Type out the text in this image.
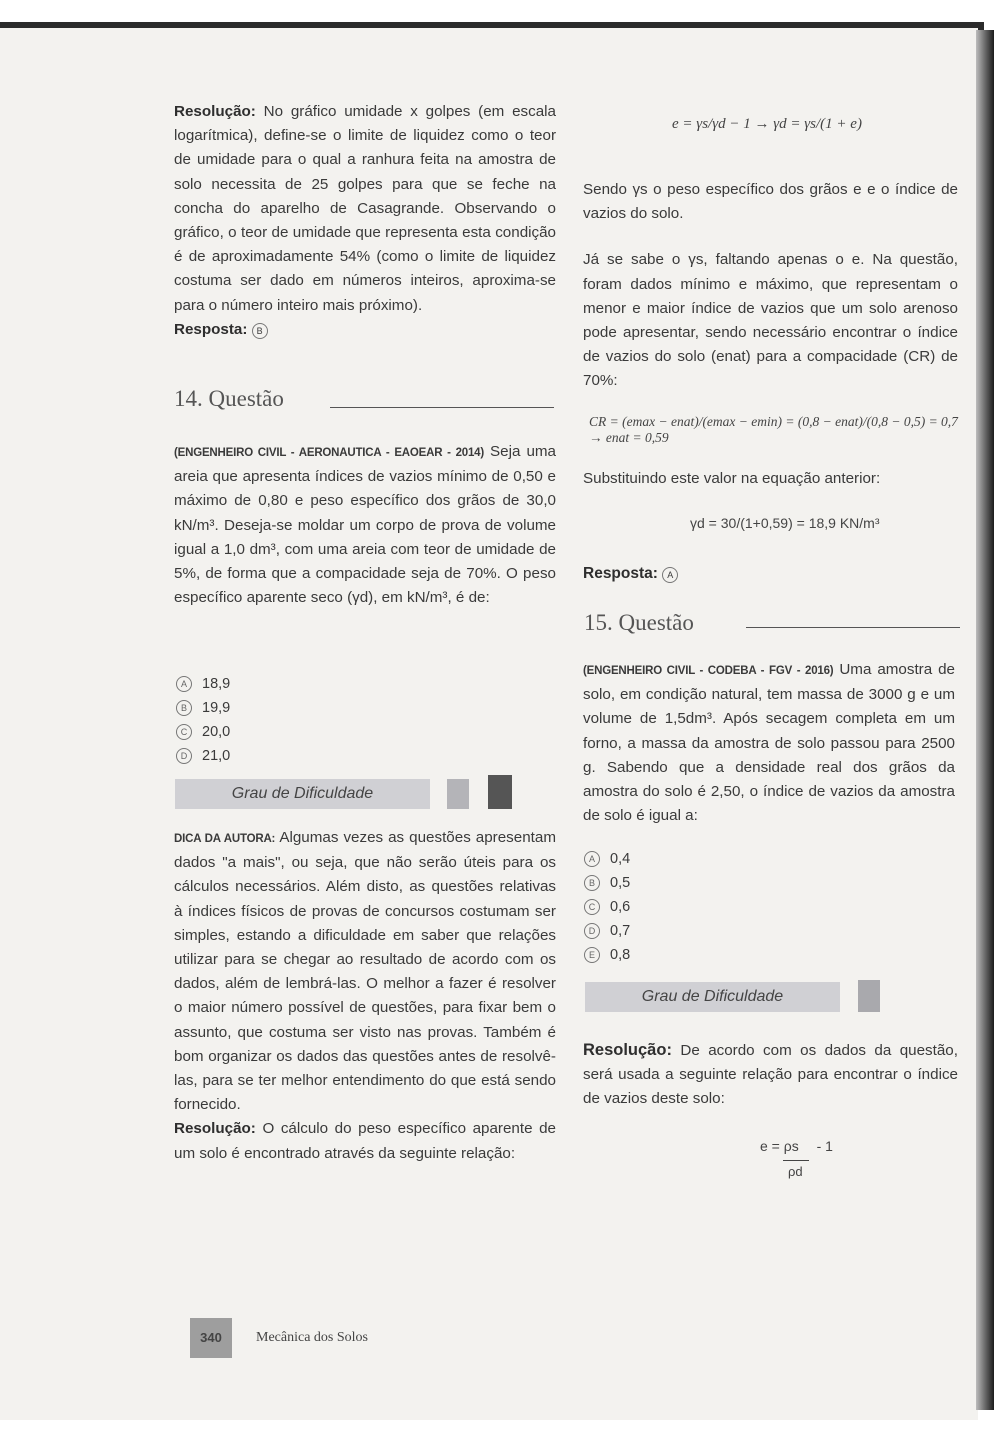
Resolução: No gráfico umidade x golpes (em escala logarítmica), define-se o limite de liquidez como o teor de umidade para o qual a ranhura feita na amostra de solo necessita de 25 golpes para que se feche na concha do aparelho de Casagrande. Observando o gráfico, o teor de umidade que representa esta condição é de aproximadamente 54% (como o limite de liquidez costuma ser dado em números inteiros, aproxima-se para o número inteiro mais próximo).

Resposta: B

14. Questão

(ENGENHEIRO CIVIL - AERONAUTICA - EAOEAR - 2014) Seja uma areia que apresenta índices de vazios mínimo de 0,50 e máximo de 0,80 e peso específico dos grãos de 30,0 kN/m³. Deseja-se moldar um corpo de prova de volume igual a 1,0 dm³, com uma areia com teor de umidade de 5%, de forma que a compacidade seja de 70%. O peso específico aparente seco (γd), em kN/m³, é de:

A 18,9
B 19,9
C 20,0
D 21,0
Grau de Dificuldade

DICA DA AUTORA: Algumas vezes as questões apresentam dados "a mais", ou seja, que não serão úteis para os cálculos necessários. Além disto, as questões relativas à índices físicos de provas de concursos costumam ser simples, estando a dificuldade em saber que relações utilizar para se chegar ao resultado de acordo com os dados, além de lembrá-las. O melhor a fazer é resolver o maior número possível de questões, para fixar bem o assunto, que costuma ser visto nas provas. Também é bom organizar os dados das questões antes de resolvê-las, para se ter melhor entendimento do que está sendo fornecido.

Resolução: O cálculo do peso específico aparente de um solo é encontrado através da seguinte relação:

e = γs/γd − 1 → γd = γs/(1 + e)

Sendo γs o peso específico dos grãos e e o índice de vazios do solo.

Já se sabe o γs, faltando apenas o e. Na questão, foram dados mínimo e máximo, que representam o menor e maior índice de vazios que um solo arenoso pode apresentar, sendo necessário encontrar o índice de vazios do solo (enat) para a compacidade (CR) de 70%:

CR = (emax − enat)/(emax − emin) = (0,8 − enat)/(0,8 − 0,5) = 0,7 → enat = 0,59

Substituindo este valor na equação anterior:

γd = 30/(1+0,59) = 18,9 KN/m³
Resposta: A
15. Questão

(ENGENHEIRO CIVIL - CODEBA - FGV - 2016) Uma amostra de solo, em condição natural, tem massa de 3000 g e um volume de 1,5dm³. Após secagem completa em um forno, a massa da amostra de solo passou para 2500 g. Sabendo que a densidade real dos grãos da amostra do solo é 2,50, o índice de vazios da amostra de solo é igual a:

A 0,4
B 0,5
C 0,6
D 0,7
E 0,8
Grau de Dificuldade

Resolução: De acordo com os dados da questão, será usada a seguinte relação para encontrar o índice de vazios deste solo:

e = ρs - 1
ρd
340	Mecânica dos Solos
